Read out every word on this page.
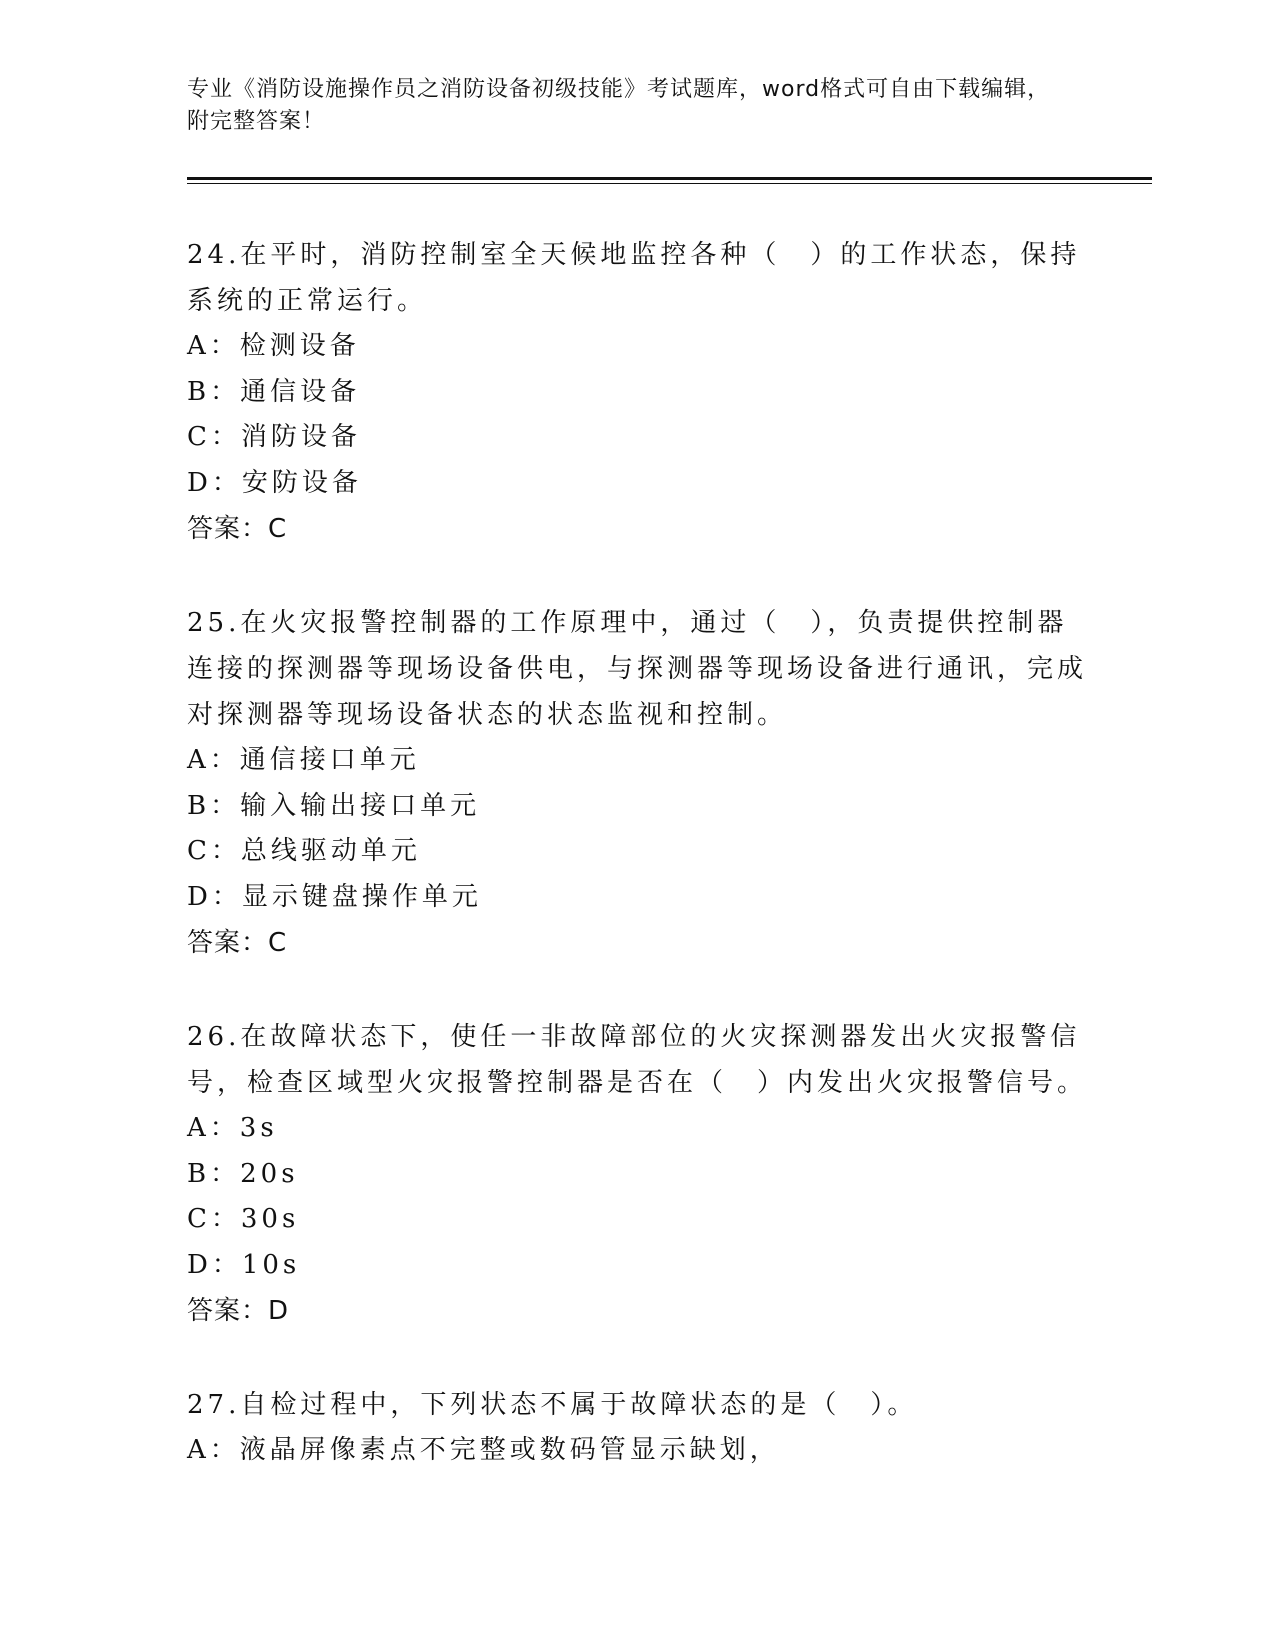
专业《消防设施操作员之消防设备初级技能》考试题库，word格式可自由下载编辑，附完整答案！

24.在平时，消防控制室全天候地监控各种（　）的工作状态，保持系统的正常运行。

A：检测设备

B：通信设备

C：消防设备

D：安防设备

答案：C

25.在火灾报警控制器的工作原理中，通过（　），负责提供控制器连接的探测器等现场设备供电，与探测器等现场设备进行通讯，完成对探测器等现场设备状态的状态监视和控制。

A：通信接口单元

B：输入输出接口单元

C：总线驱动单元

D：显示键盘操作单元

答案：C

26.在故障状态下，使任一非故障部位的火灾探测器发出火灾报警信号，检查区域型火灾报警控制器是否在（　）内发出火灾报警信号。

A：3s

B：20s

C：30s

D：10s

答案：D

27.自检过程中，下列状态不属于故障状态的是（　）。

A：液晶屏像素点不完整或数码管显示缺划，
